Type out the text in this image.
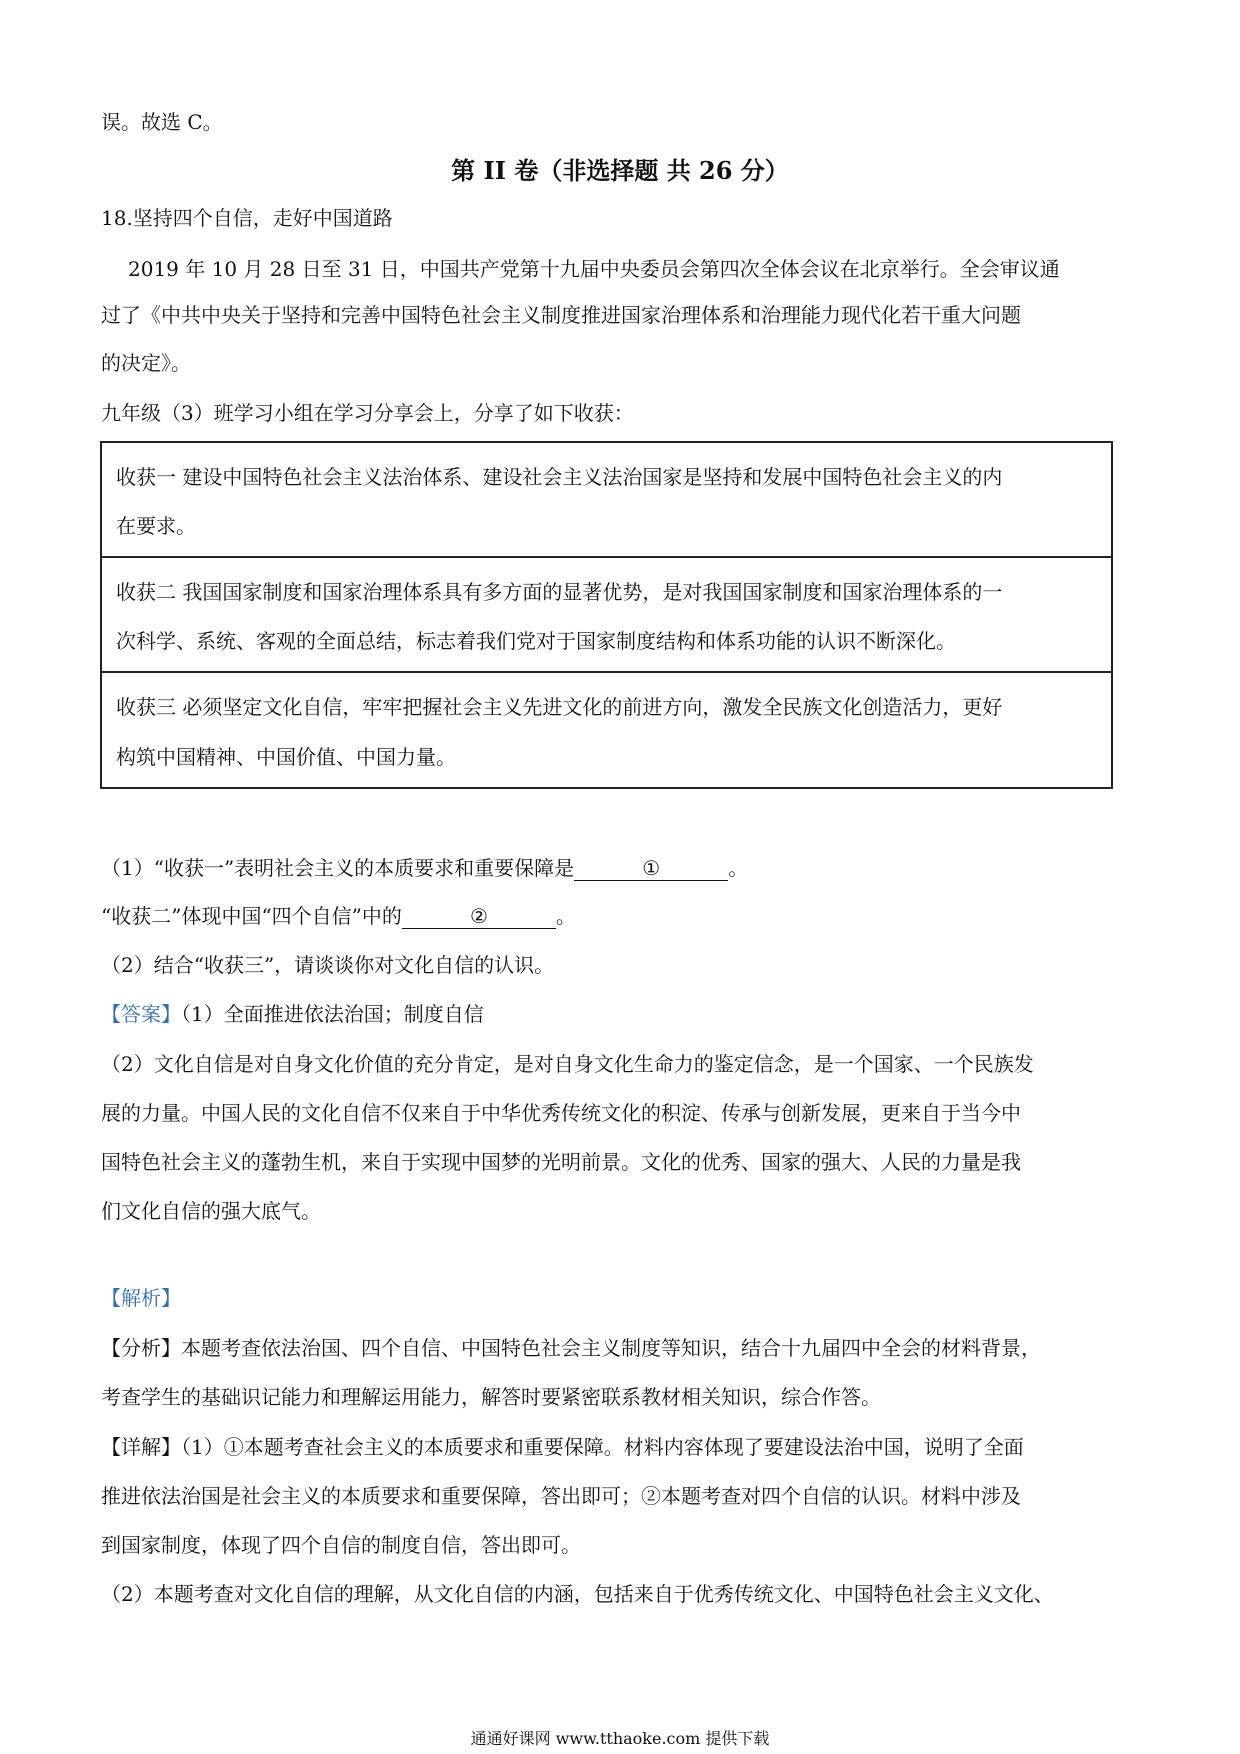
误。故选 C。
第 II 卷（非选择题 共 26 分）
18.坚持四个自信，走好中国道路
2019 年 10 月 28 日至 31 日，中国共产党第十九届中央委员会第四次全体会议在北京举行。全会审议通
过了《中共中央关于坚持和完善中国特色社会主义制度推进国家治理体系和治理能力现代化若干重大问题
的决定》。
九年级（3）班学习小组在学习分享会上，分享了如下收获：
收获一 建设中国特色社会主义法治体系、建设社会主义法治国家是坚持和发展中国特色社会主义的内
在要求。
收获二 我国国家制度和国家治理体系具有多方面的显著优势，是对我国国家制度和国家治理体系的一
次科学、系统、客观的全面总结，标志着我们党对于国家制度结构和体系功能的认识不断深化。
收获三 必须坚定文化自信，牢牢把握社会主义先进文化的前进方向，激发全民族文化创造活力，更好
构筑中国精神、中国价值、中国力量。
（1）“收获一”表明社会主义的本质要求和重要保障是	①	。
“收获二”体现中国“四个自信”中的	②	。
（2）结合“收获三”，请谈谈你对文化自信的认识。
【答案】（1）全面推进依法治国；制度自信
（2）文化自信是对自身文化价值的充分肯定，是对自身文化生命力的鉴定信念，是一个国家、一个民族发
展的力量。中国人民的文化自信不仅来自于中华优秀传统文化的积淀、传承与创新发展，更来自于当今中
国特色社会主义的蓬勃生机，来自于实现中国梦的光明前景。文化的优秀、国家的强大、人民的力量是我
们文化自信的强大底气。
【解析】
【分析】本题考查依法治国、四个自信、中国特色社会主义制度等知识，结合十九届四中全会的材料背景，
考查学生的基础识记能力和理解运用能力，解答时要紧密联系教材相关知识，综合作答。
【详解】（1）①本题考查社会主义的本质要求和重要保障。材料内容体现了要建设法治中国，说明了全面
推进依法治国是社会主义的本质要求和重要保障，答出即可；②本题考查对四个自信的认识。材料中涉及
到国家制度，体现了四个自信的制度自信，答出即可。
（2）本题考查对文化自信的理解，从文化自信的内涵，包括来自于优秀传统文化、中国特色社会主义文化、
通通好课网 www.tthaoke.com 提供下载
